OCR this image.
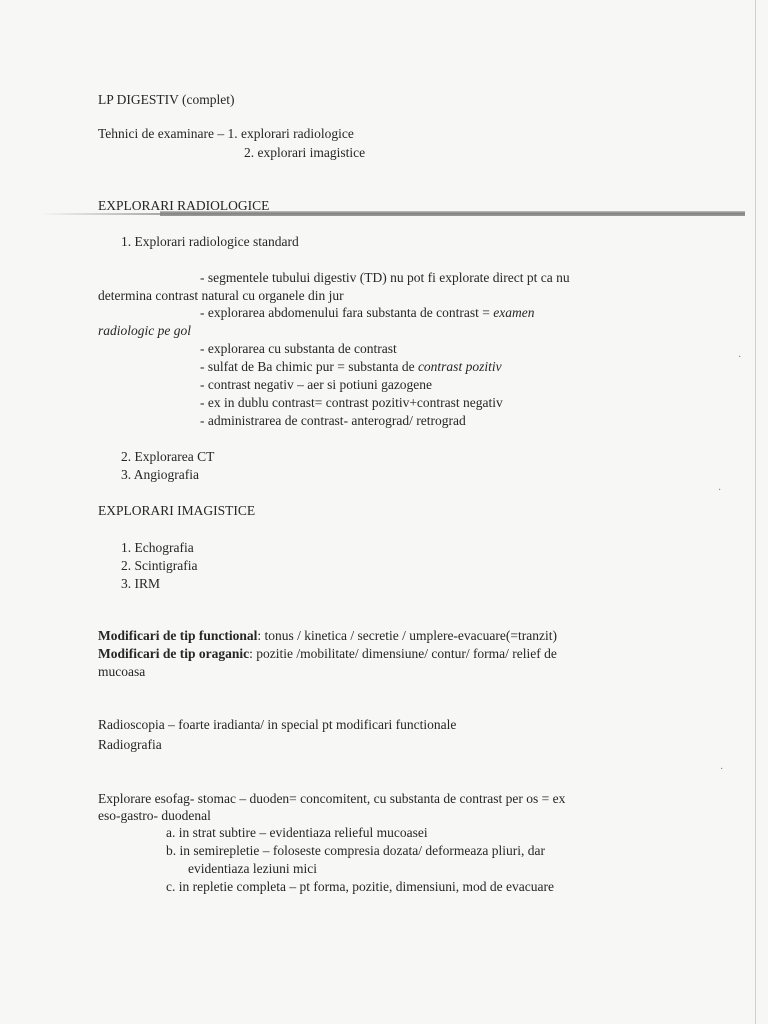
LP DIGESTIV (complet)
Tehnici de examinare – 1. explorari radiologice
2. explorari imagistice
EXPLORARI RADIOLOGICE
1. Explorari radiologice standard
- segmentele tubului digestiv (TD) nu pot fi explorate direct pt ca nu
determina contrast natural cu organele din jur
- explorarea abdomenului fara substanta de contrast = examen
radiologic pe gol
- explorarea cu substanta de contrast
- sulfat de Ba chimic pur = substanta de contrast pozitiv
- contrast negativ – aer si potiuni gazogene
- ex in dublu contrast= contrast pozitiv+contrast negativ
- administrarea de contrast- anterograd/ retrograd
2. Explorarea CT
3. Angiografia
EXPLORARI IMAGISTICE
1. Echografia
2. Scintigrafia
3. IRM
Modificari de tip functional: tonus / kinetica / secretie / umplere-evacuare(=tranzit)
Modificari de tip oraganic: pozitie /mobilitate/ dimensiune/ contur/ forma/ relief de
mucoasa
Radioscopia – foarte iradianta/ in special pt modificari functionale
Radiografia
Explorare esofag- stomac – duoden= concomitent, cu substanta de contrast per os = ex
eso-gastro- duodenal
a. in strat subtire – evidentiaza relieful mucoasei
b. in semirepletie – foloseste compresia dozata/ deformeaza pliuri, dar
evidentiaza leziuni mici
c. in repletie completa – pt forma, pozitie, dimensiuni, mod de evacuare
·
·
·
